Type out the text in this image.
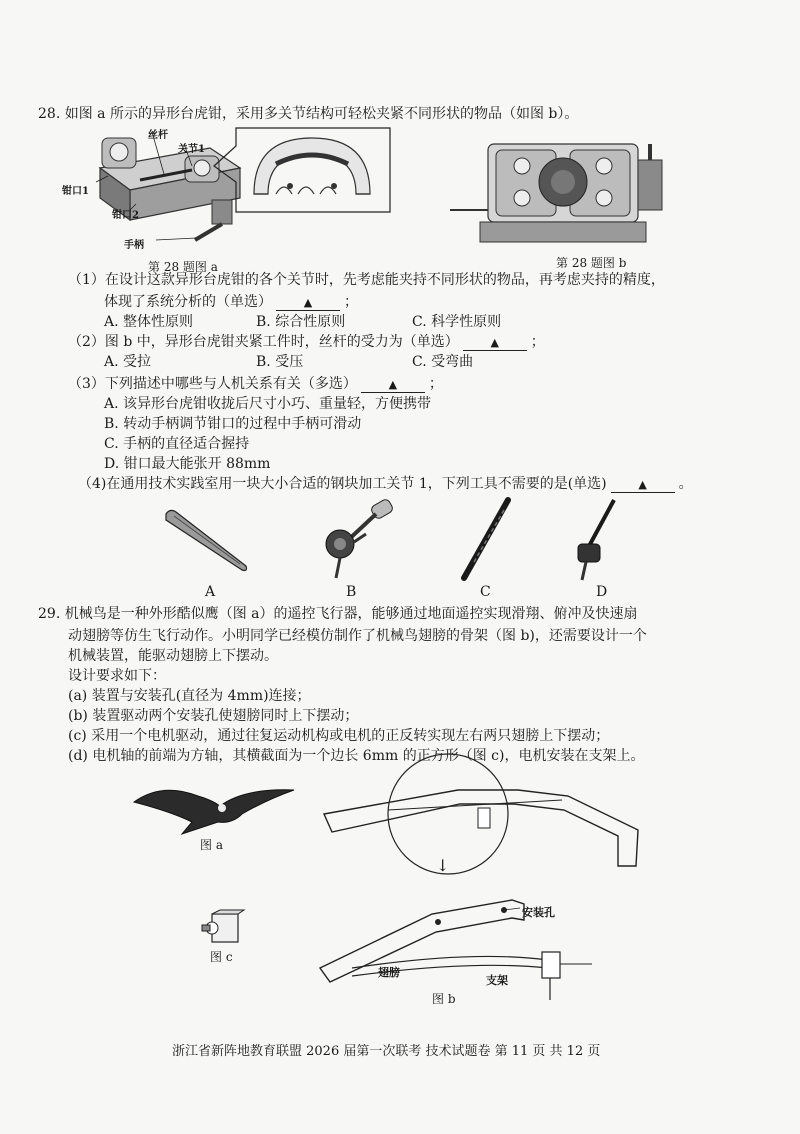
28. 如图 a 所示的异形台虎钳，采用多关节结构可轻松夹紧不同形状的物品（如图 b）。
丝杆
关节1
钳口1
钳口2
手柄
第 28 题图 a	第 28 题图 b
（1）在设计这款异形台虎钳的各个关节时，先考虑能夹持不同形状的物品，再考虑夹持的精度，
体现了系统分析的（单选）	▲ ；
A. 整体性原则	B. 综合性原则	C. 科学性原则
（2）图 b 中，异形台虎钳夹紧工件时，丝杆的受力为（单选）	▲ ；
A. 受拉	B. 受压	C. 受弯曲
（3）下列描述中哪些与人机关系有关（多选）	▲ ；
A. 该异形台虎钳收拢后尺寸小巧、重量轻，方便携带
B. 转动手柄调节钳口的过程中手柄可滑动
C. 手柄的直径适合握持
D. 钳口最大能张开 88mm
（4)在通用技术实践室用一块大小合适的钢块加工关节 1，下列工具不需要的是(单选)	▲ 。
A	B	C	D
29. 机械鸟是一种外形酷似鹰（图 a）的遥控飞行器，能够通过地面遥控实现滑翔、俯冲及快速扇
动翅膀等仿生飞行动作。小明同学已经模仿制作了机械鸟翅膀的骨架（图 b)，还需要设计一个
机械装置，能驱动翅膀上下摆动。
设计要求如下：
(a) 装置与安装孔(直径为 4mm)连接；
(b) 装置驱动两个安装孔使翅膀同时上下摆动；
(c) 采用一个电机驱动，通过往复运动机构或电机的正反转实现左右两只翅膀上下摆动；
(d) 电机轴的前端为方轴，其横截面为一个边长 6mm 的正方形（图 c)，电机安装在支架上。
图 a
↓
安装孔
翅膀
支架
图 b
图 c
浙江省新阵地教育联盟 2026 届第一次联考 技术试题卷 第 11 页 共 12 页
